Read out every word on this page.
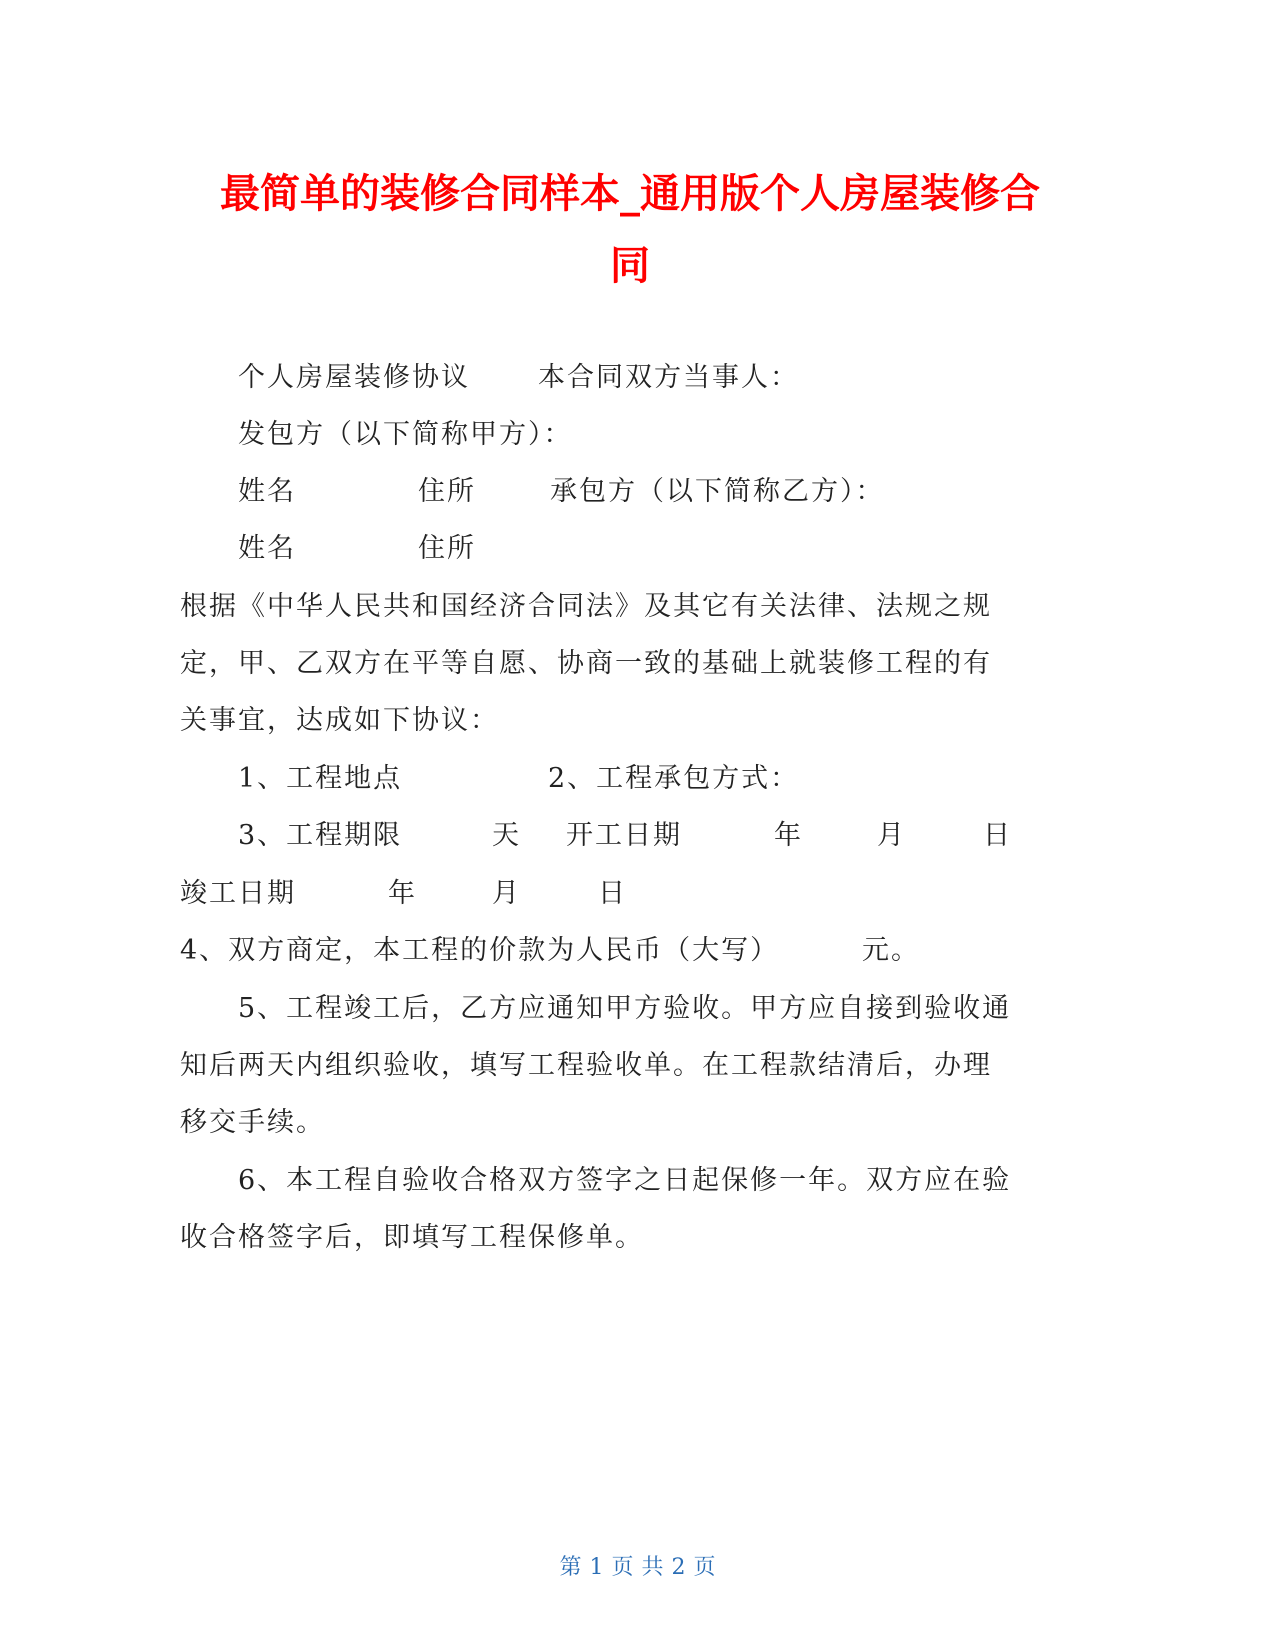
最简单的装修合同样本_通用版个人房屋装修合
同
个人房屋装修协议	本合同双方当事人：
发包方（以下简称甲方）：
姓名	住所	承包方（以下简称乙方）：
姓名	住所
根据《中华人民共和国经济合同法》及其它有关法律、法规之规
定，甲、乙双方在平等自愿、协商一致的基础上就装修工程的有
关事宜，达成如下协议：
1、工程地点	2、工程承包方式：
3、工程期限	天 开工日期	年	月	日
竣工日期	年	月	日
4、双方商定，本工程的价款为人民币（大写）	元。
5、工程竣工后，乙方应通知甲方验收。甲方应自接到验收通
知后两天内组织验收，填写工程验收单。在工程款结清后，办理
移交手续。
6、本工程自验收合格双方签字之日起保修一年。双方应在验
收合格签字后，即填写工程保修单。
第 1 页 共 2 页
